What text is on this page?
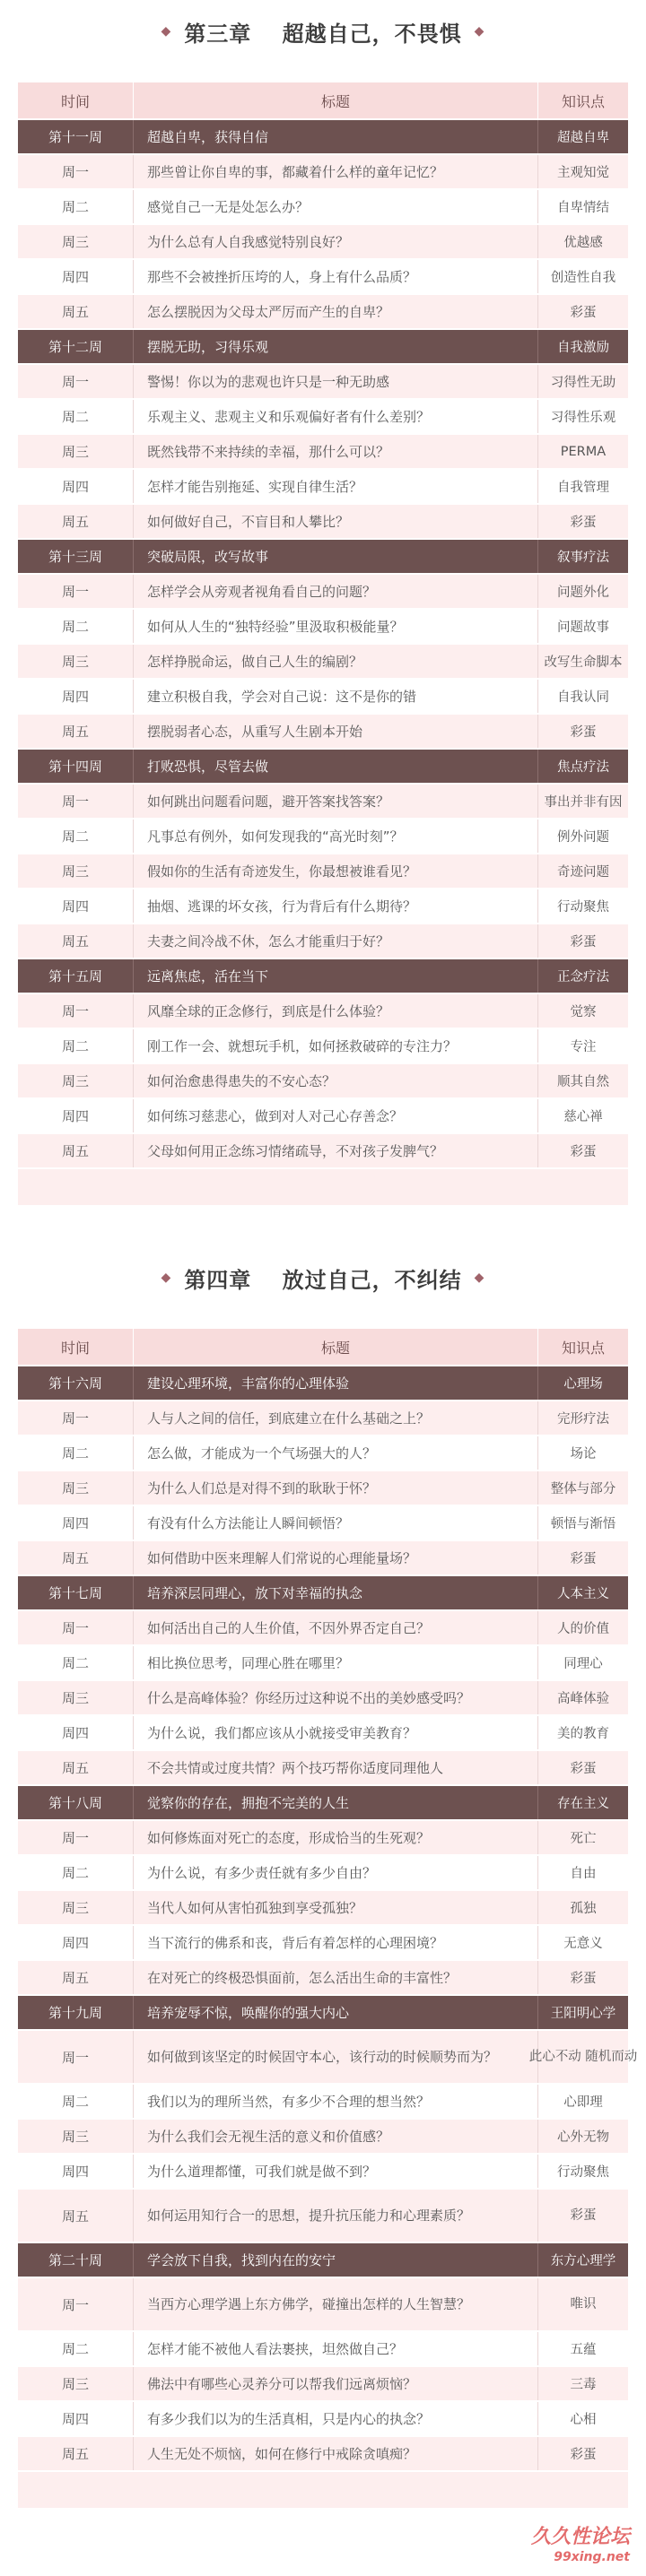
◆ 第三章　 超越自己，不畏惧 ◆
时间	标题	知识点
第十一周	超越自卑，获得自信	超越自卑
周一	那些曾让你自卑的事，都藏着什么样的童年记忆？	主观知觉
周二	感觉自己一无是处怎么办？	自卑情结
周三	为什么总有人自我感觉特别良好？	优越感
周四	那些不会被挫折压垮的人，身上有什么品质？	创造性自我
周五	怎么摆脱因为父母太严厉而产生的自卑？	彩蛋
第十二周	摆脱无助，习得乐观	自我激励
周一	警惕！你以为的悲观也许只是一种无助感	习得性无助
周二	乐观主义、悲观主义和乐观偏好者有什么差别？	习得性乐观
周三	既然钱带不来持续的幸福，那什么可以？	PERMA
周四	怎样才能告别拖延、实现自律生活？	自我管理
周五	如何做好自己，不盲目和人攀比？	彩蛋
第十三周	突破局限，改写故事	叙事疗法
周一	怎样学会从旁观者视角看自己的问题？	问题外化
周二	如何从人生的“独特经验”里汲取积极能量？	问题故事
周三	怎样挣脱命运，做自己人生的编剧？	改写生命脚本
周四	建立积极自我，学会对自己说：这不是你的错	自我认同
周五	摆脱弱者心态，从重写人生剧本开始	彩蛋
第十四周	打败恐惧，尽管去做	焦点疗法
周一	如何跳出问题看问题，避开答案找答案？	事出并非有因
周二	凡事总有例外，如何发现我的“高光时刻”？	例外问题
周三	假如你的生活有奇迹发生，你最想被谁看见？	奇迹问题
周四	抽烟、逃课的坏女孩，行为背后有什么期待？	行动聚焦
周五	夫妻之间冷战不休，怎么才能重归于好？	彩蛋
第十五周	远离焦虑，活在当下	正念疗法
周一	风靡全球的正念修行，到底是什么体验？	觉察
周二	刚工作一会、就想玩手机，如何拯救破碎的专注力？	专注
周三	如何治愈患得患失的不安心态？	顺其自然
周四	如何练习慈悲心，做到对人对己心存善念？	慈心禅
周五	父母如何用正念练习情绪疏导，不对孩子发脾气？	彩蛋
◆ 第四章　 放过自己，不纠结 ◆
时间	标题	知识点
第十六周	建设心理环境，丰富你的心理体验	心理场
周一	人与人之间的信任，到底建立在什么基础之上？	完形疗法
周二	怎么做，才能成为一个气场强大的人？	场论
周三	为什么人们总是对得不到的耿耿于怀？	整体与部分
周四	有没有什么方法能让人瞬间顿悟？	顿悟与渐悟
周五	如何借助中医来理解人们常说的心理能量场？	彩蛋
第十七周	培养深层同理心，放下对幸福的执念	人本主义
周一	如何活出自己的人生价值，不因外界否定自己？	人的价值
周二	相比换位思考，同理心胜在哪里？	同理心
周三	什么是高峰体验？你经历过这种说不出的美妙感受吗？	高峰体验
周四	为什么说，我们都应该从小就接受审美教育？	美的教育
周五	不会共情或过度共情？两个技巧帮你适度同理他人	彩蛋
第十八周	觉察你的存在，拥抱不完美的人生	存在主义
周一	如何修炼面对死亡的态度，形成恰当的生死观？	死亡
周二	为什么说，有多少责任就有多少自由？	自由
周三	当代人如何从害怕孤独到享受孤独？	孤独
周四	当下流行的佛系和丧，背后有着怎样的心理困境？	无意义
周五	在对死亡的终极恐惧面前，怎么活出生命的丰富性？	彩蛋
第十九周	培养宠辱不惊，唤醒你的强大内心	王阳明心学
周一	如何做到该坚定的时候固守本心，该行动的时候顺势而为？	此心不动 随机而动
周二	我们以为的理所当然，有多少不合理的想当然？	心即理
周三	为什么我们会无视生活的意义和价值感？	心外无物
周四	为什么道理都懂，可我们就是做不到？	行动聚焦
周五	如何运用知行合一的思想，提升抗压能力和心理素质？	彩蛋
第二十周	学会放下自我，找到内在的安宁	东方心理学
周一	当西方心理学遇上东方佛学，碰撞出怎样的人生智慧？	唯识
周二	怎样才能不被他人看法裹挟，坦然做自己？	五蕴
周三	佛法中有哪些心灵养分可以帮我们远离烦恼？	三毒
周四	有多少我们以为的生活真相，只是内心的执念？	心相
周五	人生无处不烦恼，如何在修行中戒除贪嗔痴？	彩蛋
久久性论坛
99xing.net
